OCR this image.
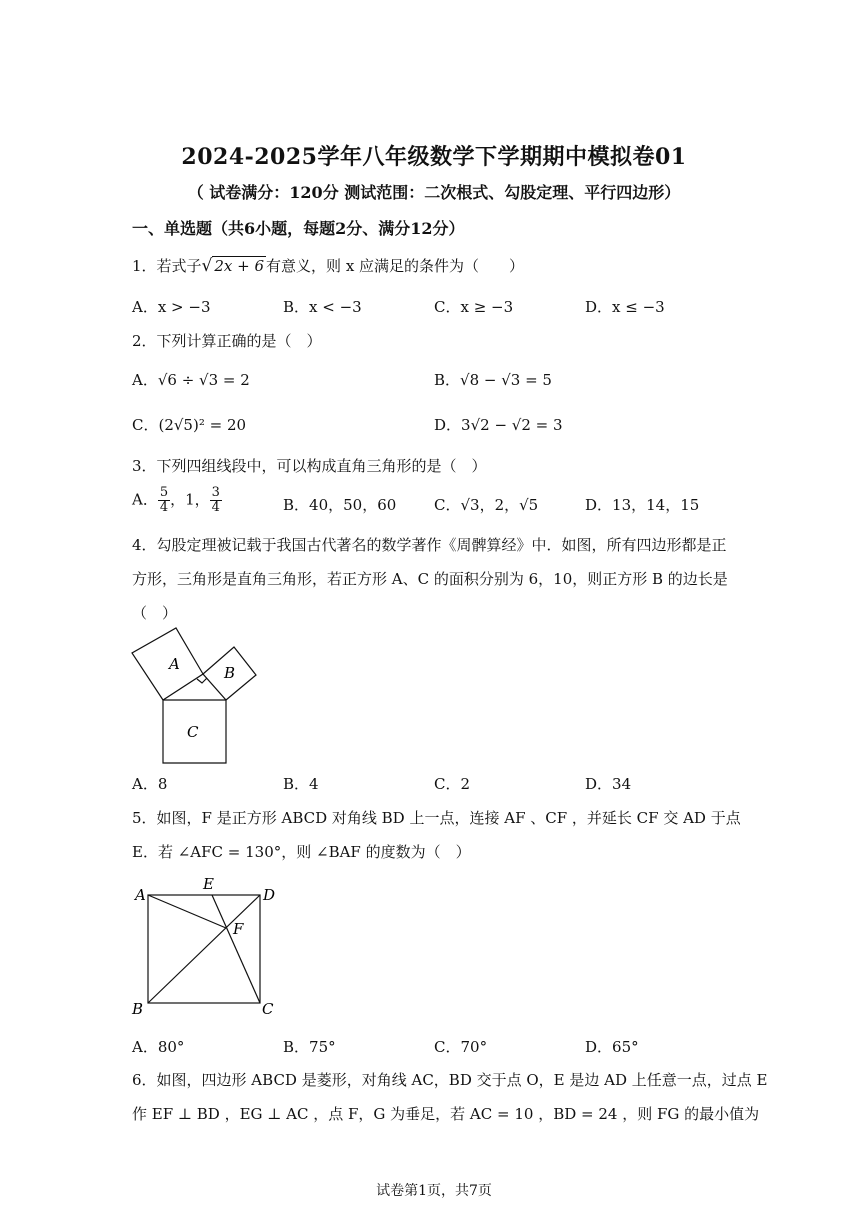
2024-2025学年八年级数学下学期期中模拟卷01
（ 试卷满分：120分 测试范围：二次根式、勾股定理、平行四边形）
一、单选题（共6小题，每题2分、满分12分）
1．若式子√ 2x + 6 有意义，则 x 应满足的条件为（　　）
A．x > −3	B．x < −3	C．x ≥ −3	D．x ≤ −3
2．下列计算正确的是（　）
A．√6 ÷ √3 = 2	B．√8 − √3 = 5
C．(2√5)² = 20	D．3√2 − √2 = 3
3．下列四组线段中，可以构成直角三角形的是（　）
A． $\frac{5}{4}$ ，1， $\frac{3}{4}$	B．40，50，60	C．√3，2，√5	D．13，14，15
4．勾股定理被记载于我国古代著名的数学著作《周髀算经》中．如图，所有四边形都是正
方形，三角形是直角三角形，若正方形 A、C 的面积分别为 6，10，则正方形 B 的边长是
（　）
A	B
C
A．8	B．4	C．2	D．34
5．如图，F 是正方形 ABCD 对角线 BD 上一点，连接 AF 、CF ，并延长 CF 交 AD 于点
E．若 ∠AFC = 130°，则 ∠BAF 的度数为（　）
A
E
D
F
B	C
A．80°	B．75°	C．70°	D．65°
6．如图，四边形 ABCD 是菱形，对角线 AC，BD 交于点 O，E 是边 AD 上任意一点，过点 E
作 EF ⊥ BD ，EG ⊥ AC ，点 F，G 为垂足，若 AC = 10 ，BD = 24 ，则 FG 的最小值为
试卷第1页，共7页
